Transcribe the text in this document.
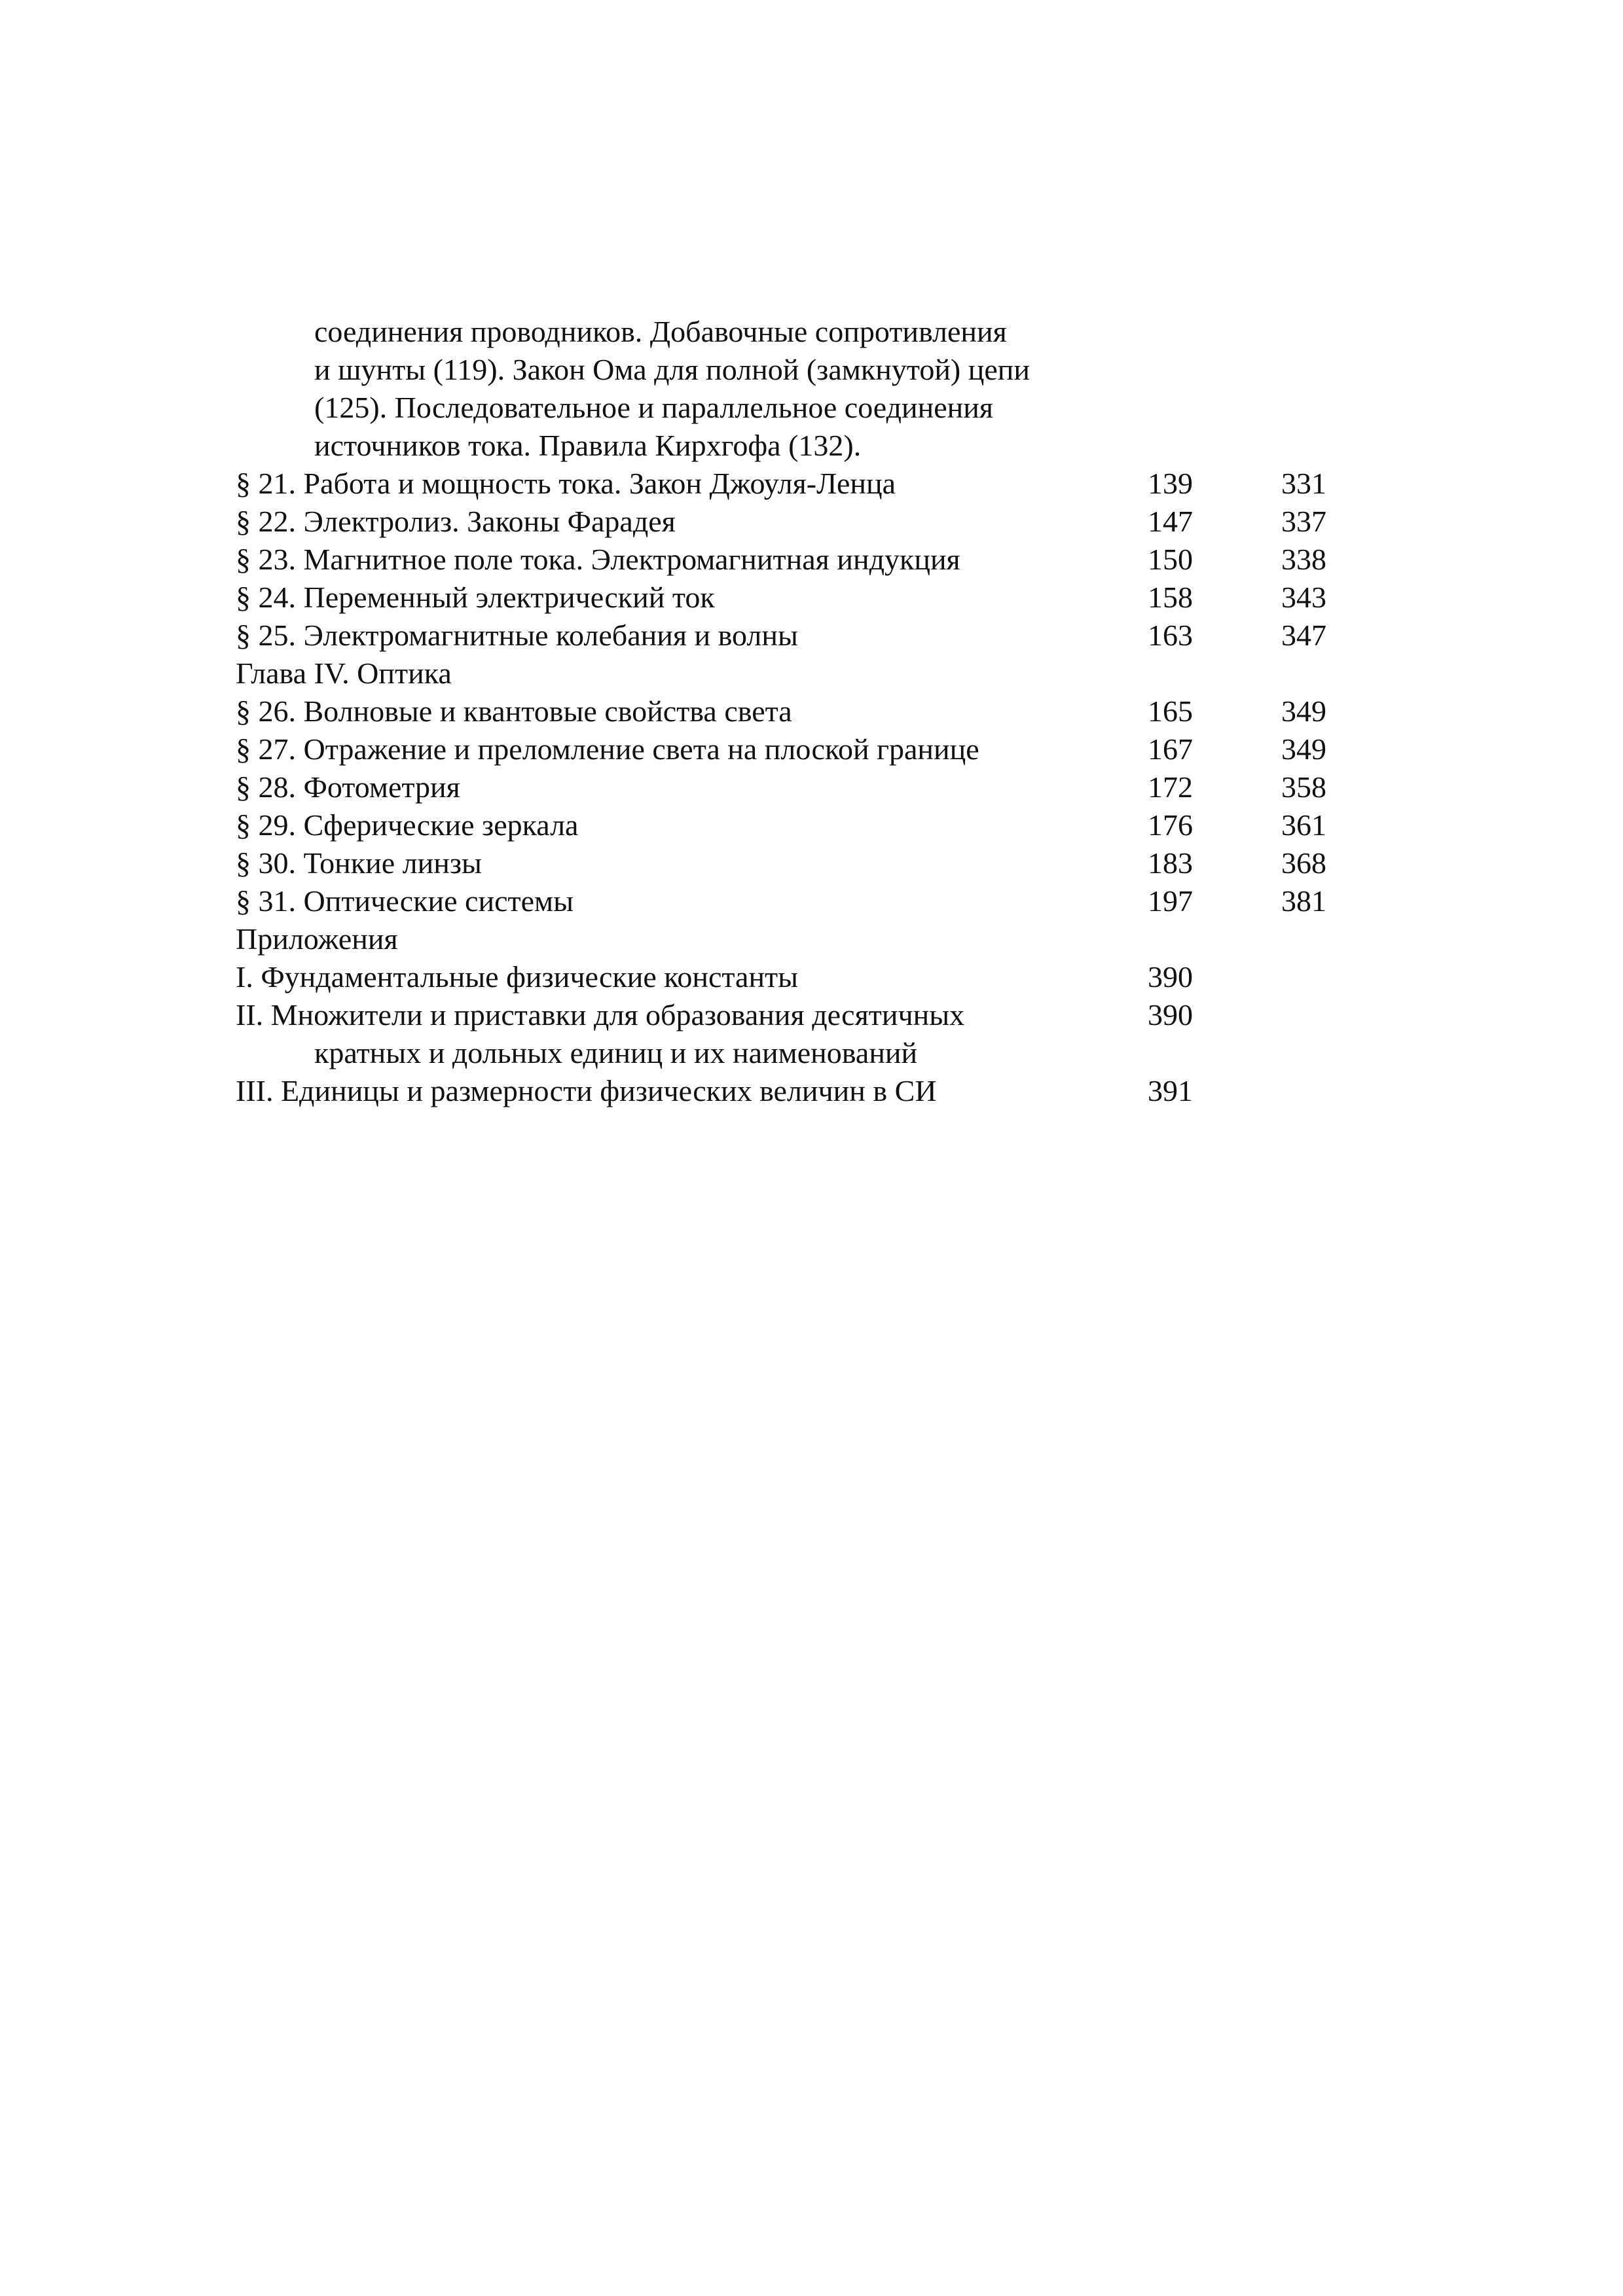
соединения проводников. Добавочные сопротивления
и шунты (119). Закон Ома для полной (замкнутой) цепи
(125). Последовательное и параллельное соединения
источников тока. Правила Кирхгофа (132).
§ 21. Работа и мощность тока. Закон Джоуля-Ленца	139	331
§ 22. Электролиз. Законы Фарадея	147	337
§ 23. Магнитное поле тока. Электромагнитная индукция	150	338
§ 24. Переменный электрический ток	158	343
§ 25. Электромагнитные колебания и волны	163	347
Глава IV. Оптика
§ 26. Волновые и квантовые свойства света	165	349
§ 27. Отражение и преломление света на плоской границе	167	349
§ 28. Фотометрия	172	358
§ 29. Сферические зеркала	176	361
§ 30. Тонкие линзы	183	368
§ 31. Оптические системы	197	381
Приложения
I. Фундаментальные физические константы	390
II. Множители и приставки для образования десятичных	390
кратных и дольных единиц и их наименований
III. Единицы и размерности физических величин в СИ	391
